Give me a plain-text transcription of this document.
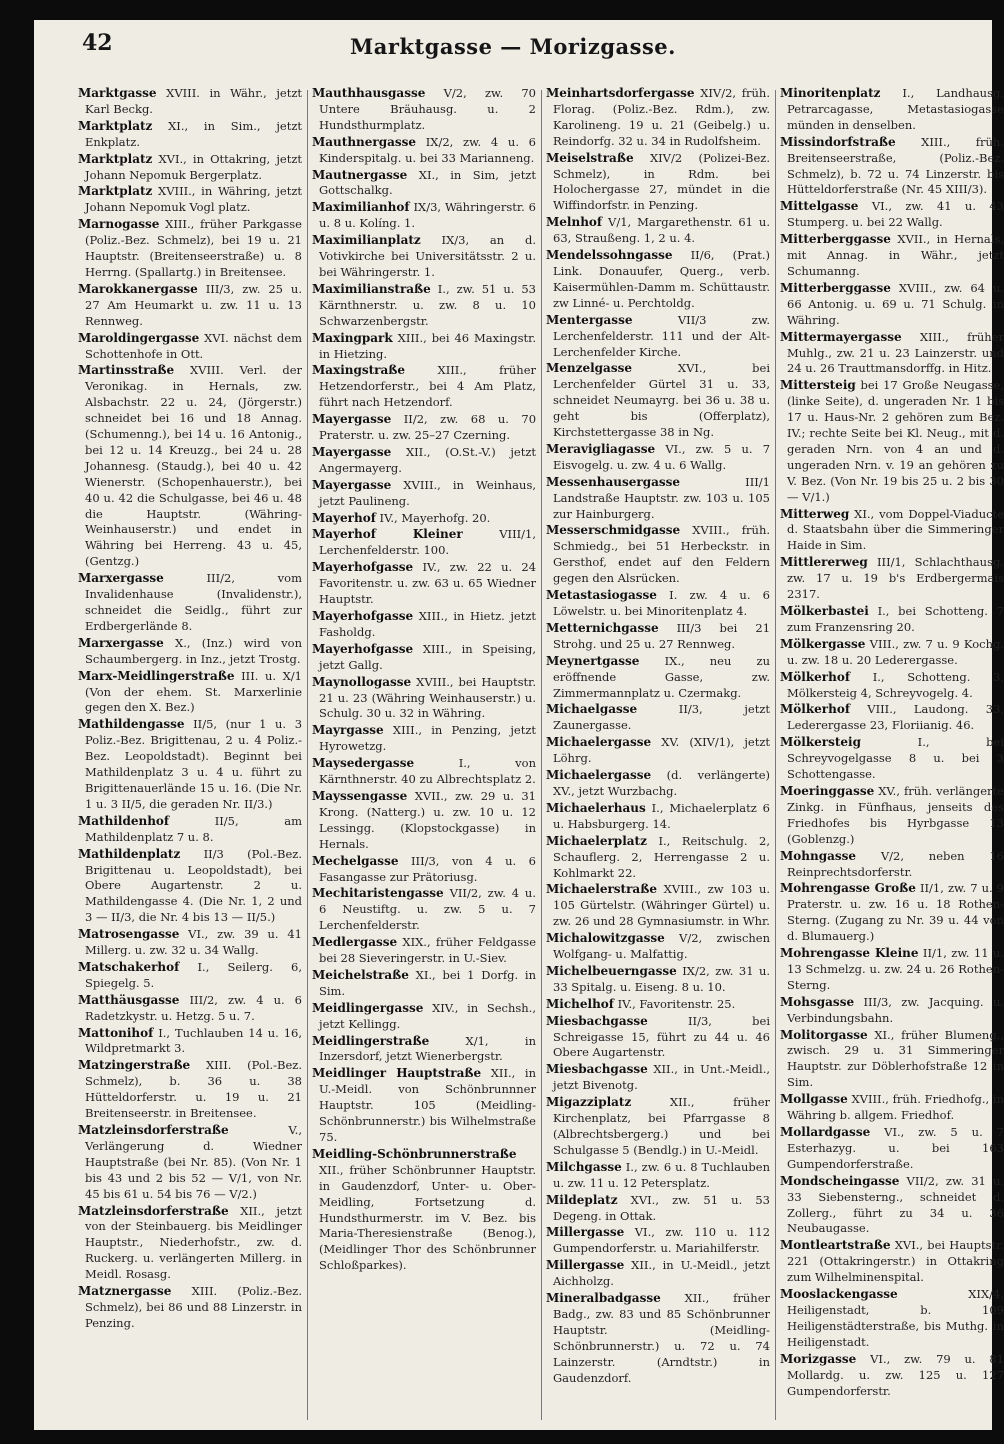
42	Marktgasse — Morizgasse.
Marktgasse XVIII. in Währ., jetzt Karl Beckg.
Marktplatz XI., in Sim., jetzt Enkplatz.
Marktplatz XVI., in Ottakring, jetzt Johann Nepomuk Bergerplatz.
Marktplatz XVIII., in Währing, jetzt Johann Nepomuk Vogl platz.
Marnogasse XIII., früher Parkgasse (Poliz.-Bez. Schmelz), bei 19 u. 21 Hauptstr. (Breitenseerstraße) u. 8 Herrng. (Spallartg.) in Breitensee.
Marokkanergasse III/3, zw. 25 u. 27 Am Heumarkt u. zw. 11 u. 13 Rennweg.
Maroldingergasse XVI. nächst dem Schottenhofe in Ott.
Martinsstraße XVIII. Verl. der Veronikag. in Hernals, zw. Alsbachstr. 22 u. 24, (Jörgerstr.) schneidet bei 16 und 18 Annag. (Schumenng.), bei 14 u. 16 Antonig., bei 12 u. 14 Kreuzg., bei 24 u. 28 Johannesg. (Staudg.), bei 40 u. 42 Wienerstr. (Schopenhauerstr.), bei 40 u. 42 die Schulgasse, bei 46 u. 48 die Hauptstr. (Währing-Weinhauserstr.) und endet in Währing bei Herreng. 43 u. 45, (Gentzg.)
Marxergasse	III/2, vom Invalidenhause (Invalidenstr.), schneidet die Seidlg., führt zur Erdbergerlände 8.
Marxergasse X., (Inz.) wird von Schaumbergerg. in Inz., jetzt Trostg.
Marx-Meidlingerstraße III. u. X/1 (Von der ehem. St. Marxerlinie gegen den X. Bez.)
Mathildengasse II/5, (nur 1 u. 3 Poliz.-Bez. Brigittenau, 2 u. 4 Poliz.-Bez. Leopoldstadt). Beginnt bei Mathildenplatz 3 u. 4 u. führt zu Brigittenauerlände 15 u. 16. (Die Nr. 1 u. 3 II/5, die geraden Nr. II/3.)
Mathildenhof	II/5, am Mathildenplatz 7 u. 8.
Mathildenplatz II/3 (Pol.-Bez. Brigittenau u. Leopoldstadt), bei Obere Augartenstr. 2 u. Mathildengasse 4. (Die Nr. 1, 2 und 3 — II/3, die Nr. 4 bis 13 — II/5.)
Matrosengasse VI., zw. 39 u. 41 Millerg. u. zw. 32 u. 34 Wallg.
Matschakerhof I., Seilerg. 6, Spiegelg. 5.
Matthäusgasse III/2, zw. 4 u. 6 Radetzkystr. u. Hetzg. 5 u. 7.
Mattonihof I., Tuchlauben 14 u. 16, Wildpretmarkt 3.
Matzingerstraße XIII. (Pol.-Bez. Schmelz), b. 36 u. 38 Hütteldorferstr. u. 19 u. 21 Breitenseerstr. in Breitensee.
Matzleinsdorferstraße	V., Verlängerung d. Wiedner Hauptstraße (bei Nr. 85). (Von Nr. 1 bis 43 und 2 bis 52 — V/1, von Nr. 45 bis 61 u. 54 bis 76 — V/2.)
Matzleinsdorferstraße XII., jetzt von der Steinbauerg. bis Meidlinger Hauptstr., Niederhofstr., zw. d. Ruckerg. u. verlängerten Millerg. in Meidl. Rosasg.
Matznergasse XIII. (Poliz.-Bez. Schmelz), bei 86 und 88 Linzerstr. in Penzing.
Mauthhausgasse V/2, zw. 70 Untere Bräuhausg. u. 2 Hundsthurmplatz.
Mauthnergasse IX/2, zw. 4 u. 6 Kinderspitalg. u. bei 33 Marianneng.
Mautnergasse XI., in Sim, jetzt Gottschalkg.
Maximilianhof IX/3, Währingerstr. 6 u. 8 u. Kolíng. 1.
Maximilianplatz IX/3, an d. Votivkirche bei Universitätsstr. 2 u. bei Währingerstr. 1.
Maximilianstraße I., zw. 51 u. 53 Kärnthnerstr. u. zw. 8 u. 10 Schwarzenbergstr.
Maxingpark XIII., bei 46 Maxingstr. in Hietzing.
Maxingstraße	XIII., früher Hetzendorferstr., bei 4 Am Platz, führt nach Hetzendorf.
Mayergasse II/2, zw. 68 u. 70 Praterstr. u. zw. 25–27 Czerning.
Mayergasse XII., (O.St.-V.) jetzt Angermayerg.
Mayergasse XVIII., in Weinhaus, jetzt Paulineng.
Mayerhof IV., Mayerhofg. 20.
Mayerhof Kleiner	VIII/1, Lerchenfelderstr. 100.
Mayerhofgasse IV., zw. 22 u. 24 Favoritenstr. u. zw. 63 u. 65 Wiedner Hauptstr.
Mayerhofgasse XIII., in Hietz. jetzt Fasholdg.
Mayerhofgasse XIII., in Speising, jetzt Gallg.
Maynollogasse XVIII., bei Hauptstr. 21 u. 23 (Währing Weinhauserstr.) u. Schulg. 30 u. 32 in Währing.
Mayrgasse XIII., in Penzing, jetzt Hyrowetzg.
Maysedergasse	I., von Kärnthnerstr. 40 zu Albrechtsplatz 2.
Mayssengasse XVII., zw. 29 u. 31 Krong. (Natterg.) u. zw. 10 u. 12 Lessingg. (Klopstockgasse) in Hernals.
Mechelgasse III/3, von 4 u. 6 Fasangasse zur Prätoriusg.
Mechitaristengasse VII/2, zw. 4 u. 6 Neustiftg. u. zw. 5 u. 7 Lerchenfelderstr.
Medlergasse XIX., früher Feldgasse bei 28 Sieveringerstr. in U.-Siev.
Meichelstraße XI., bei 1 Dorfg. in Sim.
Meidlingergasse XIV., in Sechsh., jetzt Kellingg.
Meidlingerstraße	X/1, in Inzersdorf, jetzt Wienerbergstr.
Meidlinger Hauptstraße XII., in U.-Meidl. von Schönbrunnner Hauptstr. 105 (Meidling-Schönbrunnerstr.) bis Wilhelmstraße 75.
Meidling-Schönbrunnerstraße XII., früher Schönbrunner Hauptstr. in Gaudenzdorf, Unter- u. Ober-Meidling, Fortsetzung d. Hundsthurmerstr. im V. Bez. bis Maria-Theresienstraße (Benog.), (Meidlinger Thor des Schönbrunner Schloßparkes).
Meinhartsdorfergasse XIV/2, früh. Florag. (Poliz.-Bez. Rdm.), zw. Karolineng. 19 u. 21 (Geibelg.) u. Reindorfg. 32 u. 34 in Rudolfsheim.
Meiselstraße XIV/2 (Polizei-Bez. Schmelz), in Rdm. bei Holochergasse 27, mündet in die Wiffindorfstr. in Penzing.
Melnhof V/1, Margarethenstr. 61 u. 63, Straußeng. 1, 2 u. 4.
Mendelssohngasse II/6, (Prat.) Link. Donauufer, Querg., verb. Kaisermühlen-Damm m. Schüttaustr. zw Linné- u. Perchtoldg.
Mentergasse	VII/3 zw. Lerchenfelderstr. 111 und der Alt-Lerchenfelder Kirche.
Menzelgasse	XVI., bei Lerchenfelder Gürtel 31 u. 33, schneidet Neumayrg. bei 36 u. 38 u. geht bis (Offerplatz), Kirchstettergasse 38 in Ng.
Meravigliagasse VI., zw. 5 u. 7 Eisvogelg. u. zw. 4 u. 6 Wallg.
Messenhausergasse	III/1 Landstraße Hauptstr. zw. 103 u. 105 zur Hainburgerg.
Messerschmidgasse XVIII., früh. Schmiedg., bei 51 Herbeckstr. in Gersthof, endet auf den Feldern gegen den Alsrücken.
Metastasiogasse I. zw. 4 u. 6 Löwelstr. u. bei Minoritenplatz 4.
Metternichgasse III/3 bei 21 Strohg. und 25 u. 27 Rennweg.
Meynertgasse IX., neu zu eröffnende Gasse, zw. Zimmermannplatz u. Czermakg.
Michaelgasse	II/3, jetzt Zaunergasse.
Michaelergasse XV. (XIV/1), jetzt Löhrg.
Michaelergasse (d. verlängerte) XV., jetzt Wurzbachg.
Michaelerhaus I., Michaelerplatz 6 u. Habsburgerg. 14.
Michaelerplatz I., Reitschulg. 2, Schauflerg. 2, Herrengasse 2 u. Kohlmarkt 22.
Michaelerstraße XVIII., zw 103 u. 105 Gürtelstr. (Währinger Gürtel) u. zw. 26 und 28 Gymnasiumstr. in Whr.
Michalowitzgasse V/2, zwischen Wolfgang- u. Malfattig.
Michelbeuerngasse IX/2, zw. 31 u. 33 Spitalg. u. Eiseng. 8 u. 10.
Michelhof IV., Favoritenstr. 25.
Miesbachgasse	II/3, bei Schreigasse 15, führt zu 44 u. 46 Obere Augartenstr.
Miesbachgasse XII., in Unt.-Meidl., jetzt Bivenotg.
Migazziplatz	XII., früher Kirchenplatz, bei Pfarrgasse 8 (Albrechtsbergerg.) und bei Schulgasse 5 (Bendlg.) in U.-Meidl.
Milchgasse I., zw. 6 u. 8 Tuchlauben u. zw. 11 u. 12 Petersplatz.
Mildeplatz XVI., zw. 51 u. 53 Degeng. in Ottak.
Millergasse VI., zw. 110 u. 112 Gumpendorferstr. u. Mariahilferstr.
Millergasse XII., in U.-Meidl., jetzt Aichholzg.
Mineralbadgasse XII., früher Badg., zw. 83 und 85 Schönbrunner Hauptstr. (Meidling-Schönbrunnerstr.) u. 72 u. 74 Lainzerstr. (Arndtstr.) in Gaudenzdorf.
Minoritenplatz I., Landhausg. Petrarcagasse, Metastasiogasse münden in denselben.
Missindorfstraße XIII., früh. Breitenseerstraße, (Poliz.-Bez. Schmelz), b. 72 u. 74 Linzerstr. bis Hütteldorferstraße (Nr. 45 XIII/3).
Mittelgasse VI., zw. 41 u. 43 Stumperg. u. bei 22 Wallg.
Mitterberggasse XVII., in Hernals, mit Annag. in Währ., jetzt Schumanng.
Mitterberggasse XVIII., zw. 64 u. 66 Antonig. u. 69 u. 71 Schulg. in Währing.
Mittermayergasse XIII., früher Muhlg., zw. 21 u. 23 Lainzerstr. und 24 u. 26 Trauttmansdorffg. in Hitz.
Mittersteig bei 17 Große Neugasse, (linke Seite), d. ungeraden Nr. 1 bis 17 u. Haus-Nr. 2 gehören zum Bez. IV.; rechte Seite bei Kl. Neug., mit d. geraden Nrn. von 4 an und d. ungeraden Nrn. v. 19 an gehören zu V. Bez. (Von Nr. 19 bis 25 u. 2 bis 30 — V/1.)
Mitterweg XI., vom Doppel-Viaducte d. Staatsbahn über die Simmeringer Haide in Sim.
Mittlererweg III/1, Schlachthausg. zw. 17 u. 19 b's Erdbergermais 2317.
Mölkerbastei I., bei Schotteng. 7 zum Franzensring 20.
Mölkergasse VIII., zw. 7 u. 9 Kochg. u. zw. 18 u. 20 Lederergasse.
Mölkerhof I., Schotteng. 3, Mölkersteig 4, Schreyvogelg. 4.
Mölkerhof VIII., Laudong. 33, Lederergasse 23, Floriianig. 46.
Mölkersteig	I., bei Schreyvogelgasse 8 u. bei 3 Schottengasse.
Moeringgasse XV., früh. verlängerte Zinkg. in Fünfhaus, jenseits des Friedhofes bis Hyrbgasse 13 (Goblenzg.)
Mohngasse V/2, neben 16 Reinprechtsdorferstr.
Mohrengasse Große II/1, zw. 7 u. 9 Praterstr. u. zw. 16 u. 18 Rothen-Sterng. (Zugang zu Nr. 39 u. 44 von d. Blumauerg.)
Mohrengasse Kleine II/1, zw. 11 u. 13 Schmelzg. u. zw. 24 u. 26 Rothen-Sterng.
Mohsgasse III/3, zw. Jacquing. u. Verbindungsbahn.
Molitorgasse XI., früher Blumeng., zwisch. 29 u. 31 Simmeringer Hauptstr. zur Döblerhofstraße 12 in Sim.
Mollgasse XVIII., früh. Friedhofg., in Währing b. allgem. Friedhof.
Mollardgasse VI., zw. 5 u. 7 Esterhazyg. u. bei 163 Gumpendorferstraße.
Mondscheingasse VII/2, zw. 31 u. 33 Siebensterng., schneidet d. Zollerg., führt zu 34 u. 36 Neubaugasse.
Montleartstraße XVI., bei Hauptstr. 221 (Ottakringerstr.) in Ottakring zum Wilhelminenspital.
Mooslackengasse	XIX/4, Heiligenstadt, b. 109 Heiligenstädterstraße, bis Muthg. in Heiligenstadt.
Morizgasse VI., zw. 79 u. 81 Mollardg. u. zw. 125 u. 127 Gumpendorferstr.
